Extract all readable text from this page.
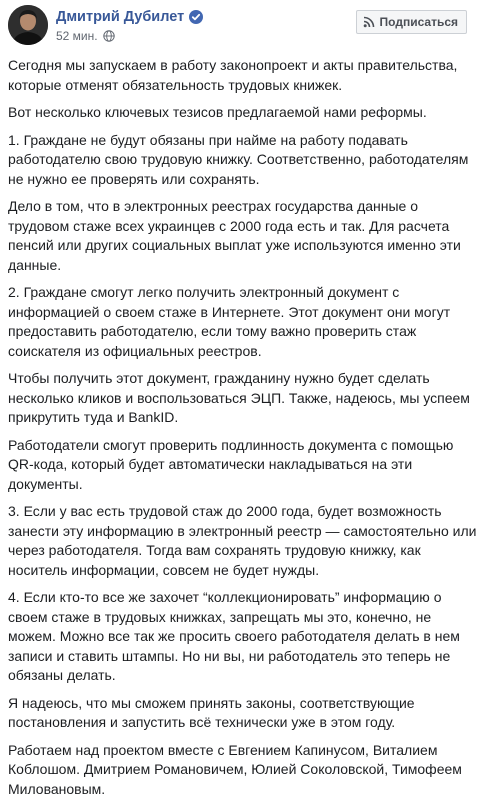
Дмитрий Дубилет
52 мин.
Подписаться

Сегодня мы запускаем в работу законопроект и акты правительства, которые отменят обязательность трудовых книжек.

Вот несколько ключевых тезисов предлагаемой нами реформы.

1. Граждане не будут обязаны при найме на работу подавать работодателю свою трудовую книжку. Соответственно, работодателям не нужно ее проверять или сохранять.

Дело в том, что в электронных реестрах государства данные о трудовом стаже всех украинцев с 2000 года есть и так. Для расчета пенсий или других социальных выплат уже используются именно эти данные.

2. Граждане смогут легко получить электронный документ с информацией о своем стаже в Интернете. Этот документ они могут предоставить работодателю, если тому важно проверить стаж соискателя из официальных реестров.

Чтобы получить этот документ, гражданину нужно будет сделать несколько кликов и воспользоваться ЭЦП. Также, надеюсь, мы успеем прикрутить туда и BankID.

Работодатели смогут проверить подлинность документа с помощью QR-кода, который будет автоматически накладываться на эти документы.

3. Если у вас есть трудовой стаж до 2000 года, будет возможность занести эту информацию в электронный реестр — самостоятельно или через работодателя. Тогда вам сохранять трудовую книжку, как носитель информации, совсем не будет нужды.

4. Если кто-то все же захочет “коллекционировать” информацию о своем стаже в трудовых книжках, запрещать мы это, конечно, не можем. Можно все так же просить своего работодателя делать в нем записи и ставить штампы. Но ни вы, ни работодатель это теперь не обязаны делать.

Я надеюсь, что мы сможем принять законы, соответствующие постановления и запустить всё технически уже в этом году.

Работаем над проектом вместе с Евгением Капинусом, Виталием Коблошом. Дмитрием Романовичем, Юлией Соколовской, Тимофеем Миловановым.
